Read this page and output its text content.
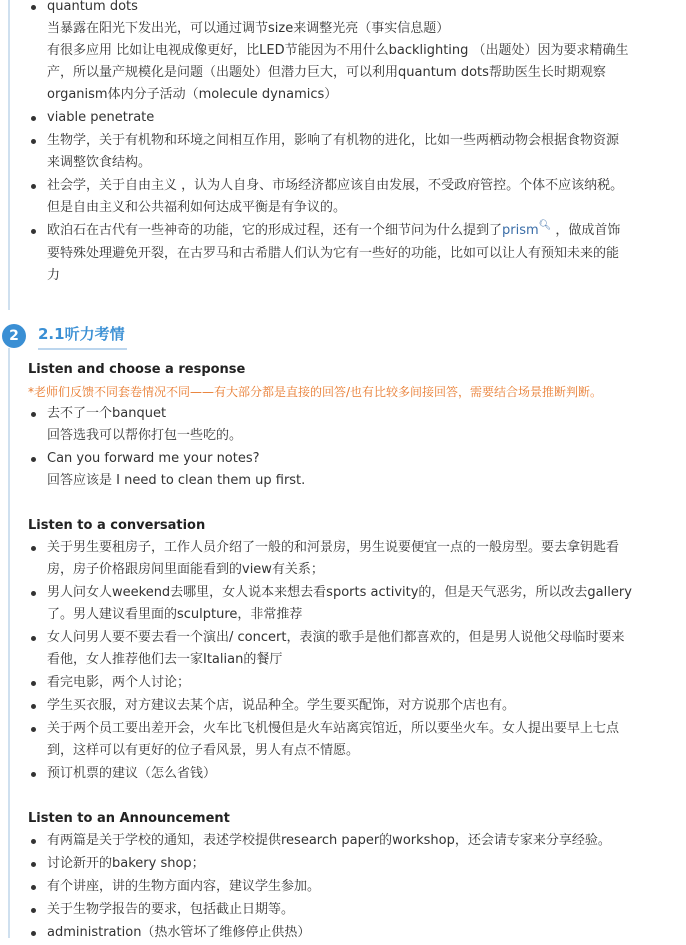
quantum dots
当暴露在阳光下发出光，可以通过调节size来调整光亮（事实信息题）
有很多应用 比如让电视成像更好，比LED节能因为不用什么backlighting （出题处）因为要求精确生
产，所以量产规模化是问题（出题处）但潜力巨大，可以利用quantum dots帮助医生长时期观察
organism体内分子活动（molecule dynamics）
viable penetrate
生物学，关于有机物和环境之间相互作用，影响了有机物的进化，比如一些两栖动物会根据食物资源
来调整饮食结构。
社会学，关于自由主义 ，认为人自身、市场经济都应该自由发展，不受政府管控。个体不应该纳税。
但是自由主义和公共福利如何达成平衡是有争议的。
欧泊石在古代有一些神奇的功能，它的形成过程，还有一个细节问为什么提到了prism🔍︎ ，做成首饰
要特殊处理避免开裂，在古罗马和古希腊人们认为它有一些好的功能，比如可以让人有预知未来的能
力
2	2.1听力考情
Listen and choose a response
*老师们反馈不同套卷情况不同——有大部分都是直接的回答/也有比较多间接回答，需要结合场景推断判断。
去不了一个banquet
回答选我可以帮你打包一些吃的。
Can you forward me your notes?
回答应该是 I need to clean them up first.
Listen to a conversation
关于男生要租房子，工作人员介绍了一般的和河景房，男生说要便宜一点的一般房型。要去拿钥匙看
房，房子价格跟房间里面能看到的view有关系；
男人问女人weekend去哪里，女人说本来想去看sports activity的，但是天气恶劣，所以改去gallery
了。男人建议看里面的sculpture，非常推荐
女人问男人要不要去看一个演出/ concert，表演的歌手是他们都喜欢的，但是男人说他父母临时要来
看他，女人推荐他们去一家Italian的餐厅
看完电影，两个人讨论；
学生买衣服，对方建议去某个店，说品种全。学生要买配饰，对方说那个店也有。
关于两个员工要出差开会，火车比飞机慢但是火车站离宾馆近，所以要坐火车。女人提出要早上七点
到，这样可以有更好的位子看风景，男人有点不情愿。
预订机票的建议（怎么省钱）
Listen to an Announcement
有两篇是关于学校的通知，表述学校提供research paper的workshop，还会请专家来分享经验。
讨论新开的bakery shop；
有个讲座，讲的生物方面内容，建议学生参加。
关于生物学报告的要求，包括截止日期等。
administration（热水管坏了维修停止供热）
